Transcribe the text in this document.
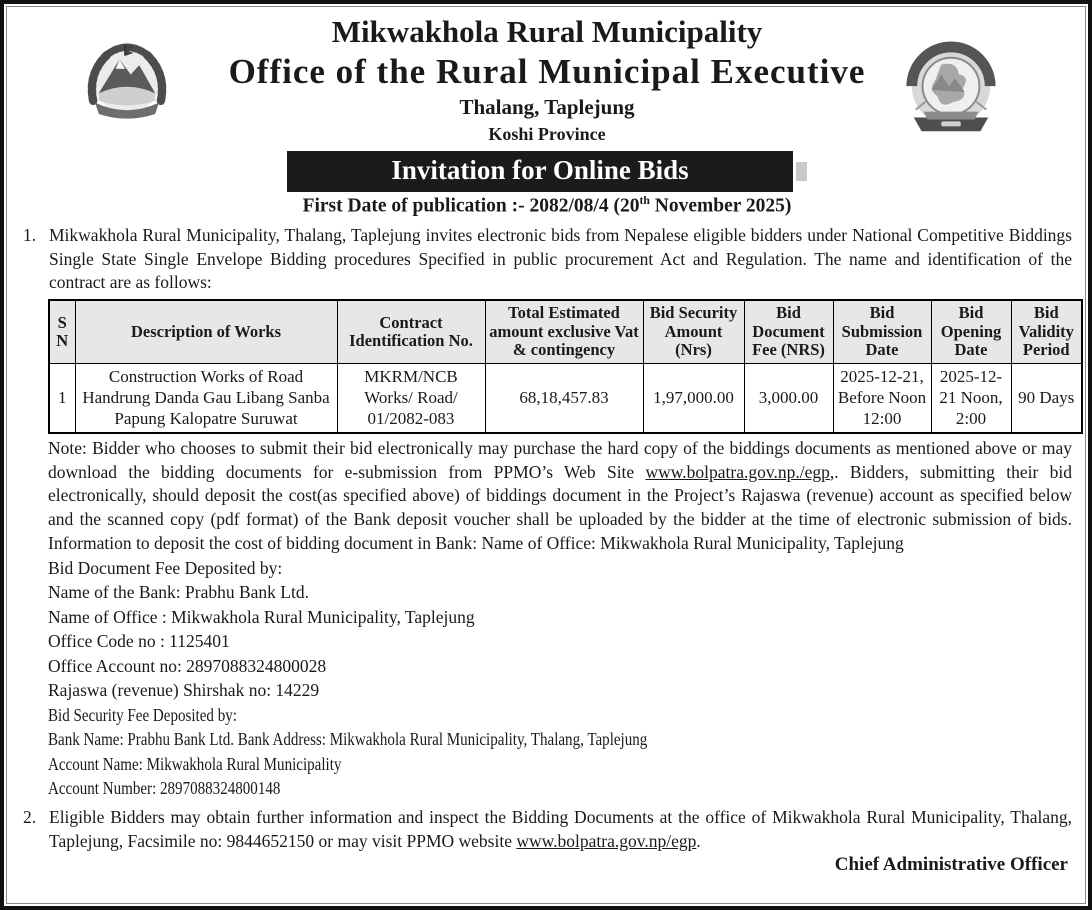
Mikwakhola Rural Municipality
Office of the Rural Municipal Executive
Thalang, Taplejung
Koshi Province
Invitation for Online Bids
First Date of publication :- 2082/08/4 (20th November 2025)
1. Mikwakhola Rural Municipality, Thalang, Taplejung invites electronic bids from Nepalese eligible bidders under National Competitive Biddings Single State Single Envelope Bidding procedures Specified in public procurement Act and Regulation. The name and identification of the contract are as follows:
S N	Description of Works	Contract Identification No.	Total Estimated amount exclusive Vat & contingency	Bid Security Amount (Nrs)	Bid Document Fee (NRS)	Bid Submission Date	Bid Opening Date	Bid Validity Period
1	Construction Works of Road Handrung Danda Gau Libang Sanba Papung Kalopatre Suruwat	MKRM/NCB Works/ Road/ 01/2082-083	68,18,457.83	1,97,000.00	3,000.00	2025-12-21, Before Noon 12:00	2025-12-21 Noon, 2:00	90 Days
Note: Bidder who chooses to submit their bid electronically may purchase the hard copy of the biddings documents as mentioned above or may download the bidding documents for e-submission from PPMO’s Web Site www.bolpatra.gov.np./egp,. Bidders, submitting their bid electronically, should deposit the cost(as specified above) of biddings document in the Project’s Rajaswa (revenue) account as specified below and the scanned copy (pdf format) of the Bank deposit voucher shall be uploaded by the bidder at the time of electronic submission of bids. Information to deposit the cost of bidding document in Bank: Name of Office: Mikwakhola Rural Municipality, Taplejung
Bid Document Fee Deposited by:
Name of the Bank: Prabhu Bank Ltd.
Name of Office : Mikwakhola Rural Municipality, Taplejung
Office Code no : 1125401
Office Account no: 2897088324800028
Rajaswa (revenue) Shirshak no: 14229
Bid Security Fee Deposited by:
Bank Name: Prabhu Bank Ltd. Bank Address: Mikwakhola Rural Municipality, Thalang, Taplejung
Account Name: Mikwakhola Rural Municipality
Account Number: 2897088324800148
2. Eligible Bidders may obtain further information and inspect the Bidding Documents at the office of Mikwakhola Rural Municipality, Thalang, Taplejung, Facsimile no: 9844652150 or may visit PPMO website www.bolpatra.gov.np/egp.
Chief Administrative Officer
